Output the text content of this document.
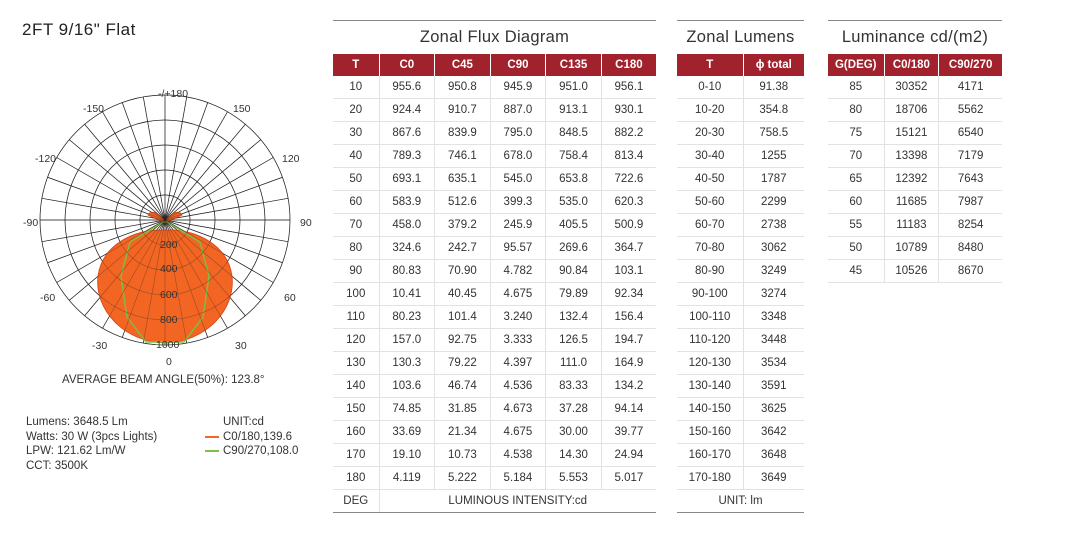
2FT 9/16" Flat
-/+180
-150	150
-120	120
-90	90
-60	60
-30	30
0
200
400
600
800
1000
AVERAGE BEAM ANGLE(50%): 123.8°
Lumens: 3648.5 Lm
Watts: 30 W (3pcs Lights)
LPW: 121.62 Lm/W
CCT: 3500K
UNIT:cd
C0/180,139.6
C90/270,108.0
Zonal Flux Diagram
T	C0	C45	C90	C135	C180
10	955.6	950.8	945.9	951.0	956.1
20	924.4	910.7	887.0	913.1	930.1
30	867.6	839.9	795.0	848.5	882.2
40	789.3	746.1	678.0	758.4	813.4
50	693.1	635.1	545.0	653.8	722.6
60	583.9	512.6	399.3	535.0	620.3
70	458.0	379.2	245.9	405.5	500.9
80	324.6	242.7	95.57	269.6	364.7
90	80.83	70.90	4.782	90.84	103.1
100	10.41	40.45	4.675	79.89	92.34
110	80.23	101.4	3.240	132.4	156.4
120	157.0	92.75	3.333	126.5	194.7
130	130.3	79.22	4.397	111.0	164.9
140	103.6	46.74	4.536	83.33	134.2
150	74.85	31.85	4.673	37.28	94.14
160	33.69	21.34	4.675	30.00	39.77
170	19.10	10.73	4.538	14.30	24.94
180	4.119	5.222	5.184	5.553	5.017
DEG	LUMINOUS INTENSITY:cd				
Zonal Lumens
T	ϕ total
0-10	91.38
10-20	354.8
20-30	758.5
30-40	1255
40-50	1787
50-60	2299
60-70	2738
70-80	3062
80-90	3249
90-100	3274
100-110	3348
110-120	3448
120-130	3534
130-140	3591
140-150	3625
150-160	3642
160-170	3648
170-180	3649
UNIT: lm	
Luminance cd/(m2)
G(DEG)	C0/180	C90/270
85	30352	4171
80	18706	5562
75	15121	6540
70	13398	7179
65	12392	7643
60	11685	7987
55	11183	8254
50	10789	8480
45	10526	8670
